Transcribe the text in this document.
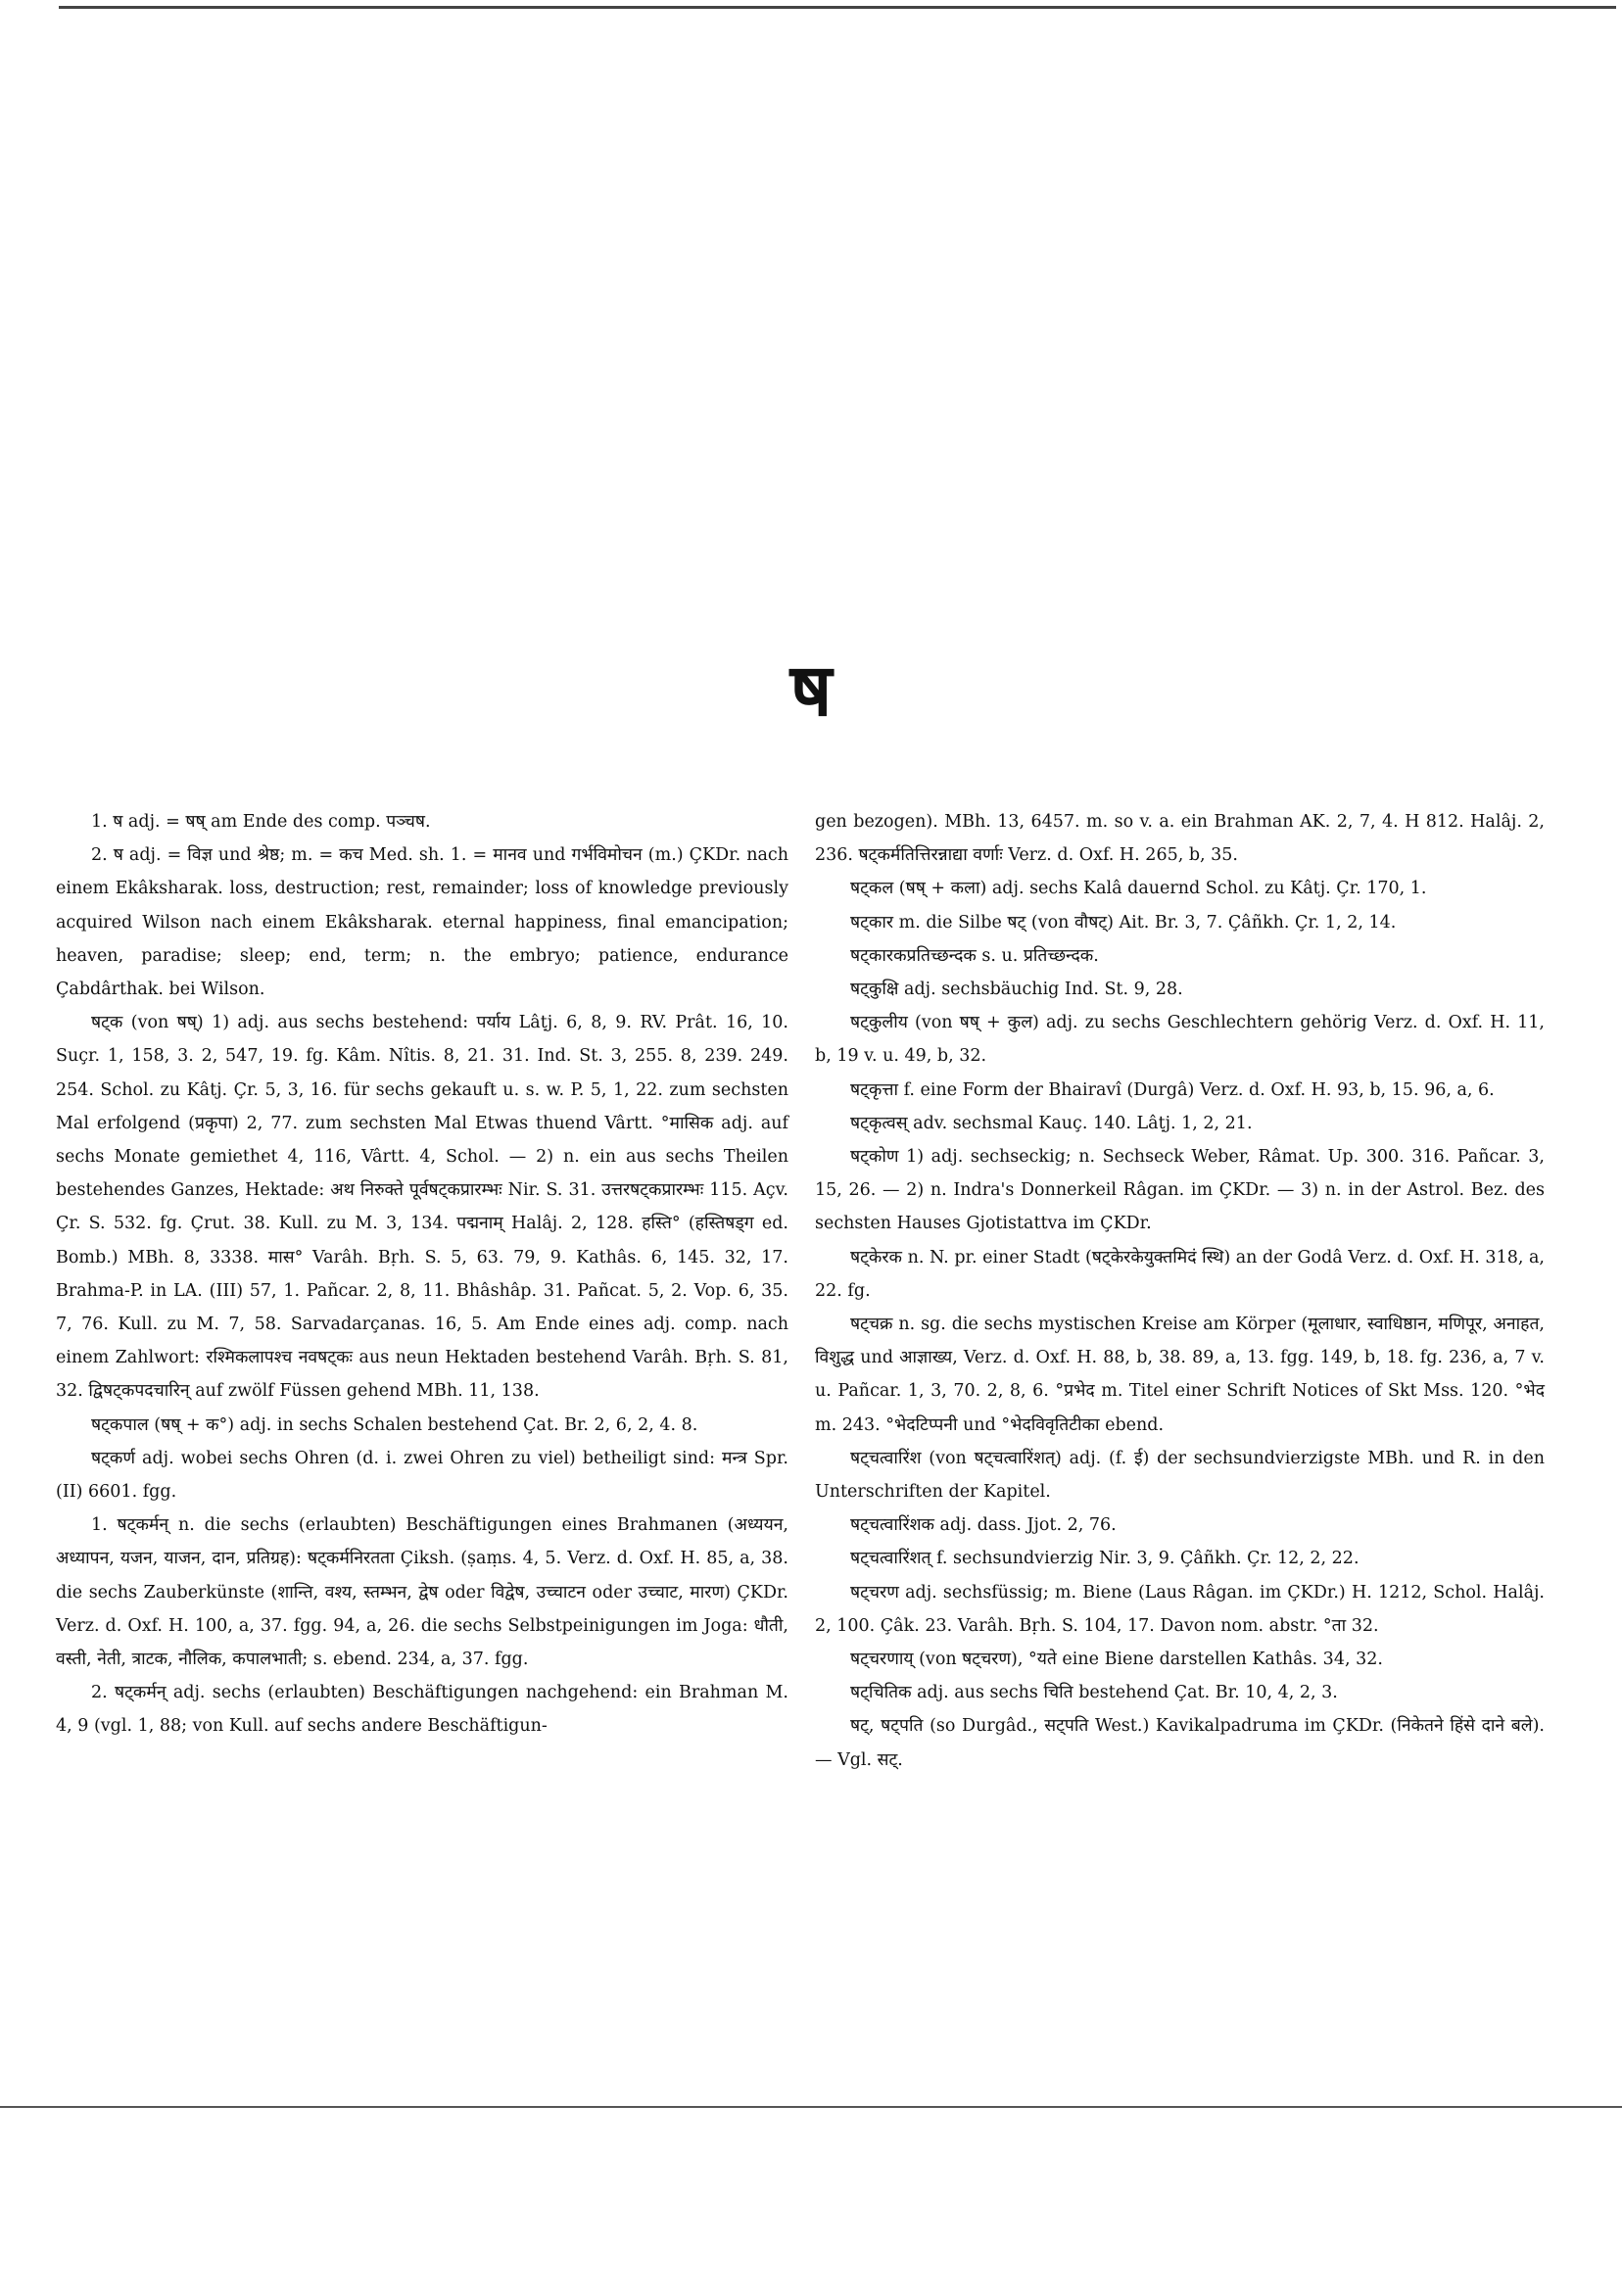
ष

1. ष adj. = षष् am Ende des comp. पञ्चष.

2. ष adj. = विज्ञ und श्रेष्ठ; m. = कच Med. sh. 1. = मानव und गर्भविमोचन (m.) ÇKDr. nach einem Ekâksharak. loss, destruction; rest, remainder; loss of knowledge previously acquired Wilson nach einem Ekâksharak. eternal happiness, final emancipation; heaven, paradise; sleep; end, term; n. the embryo; patience, endurance Çabdârthak. bei Wilson.

षट्क (von षष्) 1) adj. aus sechs bestehend: पर्याय Lâṭj. 6, 8, 9. RV. Prât. 16, 10. Suçr. 1, 158, 3. 2, 547, 19. fg. Kâm. Nîtis. 8, 21. 31. Ind. St. 3, 255. 8, 239. 249. 254. Schol. zu Kâtj. Çr. 5, 3, 16. für sechs gekauft u. s. w. P. 5, 1, 22. zum sechsten Mal erfolgend (प्रकृपा) 2, 77. zum sechsten Mal Etwas thuend Vârtt. °मासिक adj. auf sechs Monate gemiethet 4, 116, Vârtt. 4, Schol. — 2) n. ein aus sechs Theilen bestehendes Ganzes, Hektade: अथ निरुक्ते पूर्वषट्कप्रारम्भः Nir. S. 31. उत्तरषट्कप्रारम्भः 115. Açv. Çr. S. 532. fg. Çrut. 38. Kull. zu M. 3, 134. पद्मनाम् Halâj. 2, 128. हस्ति° (हस्तिषड्ग ed. Bomb.) MBh. 8, 3338. मास° Varâh. Bṛh. S. 5, 63. 79, 9. Kathâs. 6, 145. 32, 17. Brahma-P. in LA. (III) 57, 1. Pañcar. 2, 8, 11. Bhâshâp. 31. Pañcat. 5, 2. Vop. 6, 35. 7, 76. Kull. zu M. 7, 58. Sarvadarçanas. 16, 5. Am Ende eines adj. comp. nach einem Zahlwort: रश्मिकलापश्च नवषट्कः aus neun Hektaden bestehend Varâh. Bṛh. S. 81, 32. द्विषट्कपदचारिन् auf zwölf Füssen gehend MBh. 11, 138.

षट्कपाल (षष् + क°) adj. in sechs Schalen bestehend Çat. Br. 2, 6, 2, 4. 8.

षट्कर्ण adj. wobei sechs Ohren (d. i. zwei Ohren zu viel) betheiligt sind: मन्त्र Spr. (II) 6601. fgg.

1. षट्कर्मन् n. die sechs (erlaubten) Beschäftigungen eines Brahmanen (अध्ययन, अध्यापन, यजन, याजन, दान, प्रतिग्रह): षट्कर्मनिरतता Çiksh. (ṣaṃs. 4, 5. Verz. d. Oxf. H. 85, a, 38. die sechs Zauberkünste (शान्ति, वश्य, स्तम्भन, द्वेष oder विद्वेष, उच्चाटन oder उच्चाट, मारण) ÇKDr. Verz. d. Oxf. H. 100, a, 37. fgg. 94, a, 26. die sechs Selbstpeinigungen im Joga: धौती, वस्ती, नेती, त्राटक, नौलिक, कपालभाती; s. ebend. 234, a, 37. fgg.

2. षट्कर्मन् adj. sechs (erlaubten) Beschäftigungen nachgehend: ein Brahman M. 4, 9 (vgl. 1, 88; von Kull. auf sechs andere Beschäftigun-

gen bezogen). MBh. 13, 6457. m. so v. a. ein Brahman AK. 2, 7, 4. H 812. Halâj. 2, 236. षट्कर्मतित्तिरन्नाद्या वर्णाः Verz. d. Oxf. H. 265, b, 35.

षट्कल (षष् + कला) adj. sechs Kalâ dauernd Schol. zu Kâtj. Çr. 170, 1.

षट्कार m. die Silbe षट् (von वौषट्) Ait. Br. 3, 7. Çâñkh. Çr. 1, 2, 14.

षट्कारकप्रतिच्छन्दक s. u. प्रतिच्छन्दक.

षट्कुक्षि adj. sechsbäuchig Ind. St. 9, 28.

षट्कुलीय (von षष् + कुल) adj. zu sechs Geschlechtern gehörig Verz. d. Oxf. H. 11, b, 19 v. u. 49, b, 32.

षट्कृत्ता f. eine Form der Bhairavî (Durgâ) Verz. d. Oxf. H. 93, b, 15. 96, a, 6.

षट्कृत्वस् adv. sechsmal Kauç. 140. Lâṭj. 1, 2, 21.

षट्कोण 1) adj. sechseckig; n. Sechseck Weber, Râmat. Up. 300. 316. Pañcar. 3, 15, 26. — 2) n. Indra's Donnerkeil Râgan. im ÇKDr. — 3) n. in der Astrol. Bez. des sechsten Hauses Gjotistattva im ÇKDr.

षट्केरक n. N. pr. einer Stadt (षट्केरकेयुक्तमिदं स्थि) an der Godâ Verz. d. Oxf. H. 318, a, 22. fg.

षट्चक्र n. sg. die sechs mystischen Kreise am Körper (मूलाधार, स्वाधिष्ठान, मणिपूर, अनाहत, विशुद्ध und आज्ञाख्य, Verz. d. Oxf. H. 88, b, 38. 89, a, 13. fgg. 149, b, 18. fg. 236, a, 7 v. u. Pañcar. 1, 3, 70. 2, 8, 6. °प्रभेद m. Titel einer Schrift Notices of Skt Mss. 120. °भेद m. 243. °भेदटिप्पनी und °भेदविवृतिटीका ebend.

षट्चत्वारिंश (von षट्चत्वारिंशत्) adj. (f. ई) der sechsundvierzigste MBh. und R. in den Unterschriften der Kapitel.

षट्चत्वारिंशक adj. dass. Jjot. 2, 76.

षट्चत्वारिंशत् f. sechsundvierzig Nir. 3, 9. Çâñkh. Çr. 12, 2, 22.

षट्चरण adj. sechsfüssig; m. Biene (Laus Râgan. im ÇKDr.) H. 1212, Schol. Halâj. 2, 100. Çâk. 23. Varâh. Bṛh. S. 104, 17. Davon nom. abstr. °ता 32.

षट्चरणाय् (von षट्चरण), °यते eine Biene darstellen Kathâs. 34, 32.

षट्चितिक adj. aus sechs चिति bestehend Çat. Br. 10, 4, 2, 3.

षट्, षट्पति (so Durgâd., सट्पति West.) Kavikalpadruma im ÇKDr. (निकेतने हिंसे दाने बले). — Vgl. सट्.
